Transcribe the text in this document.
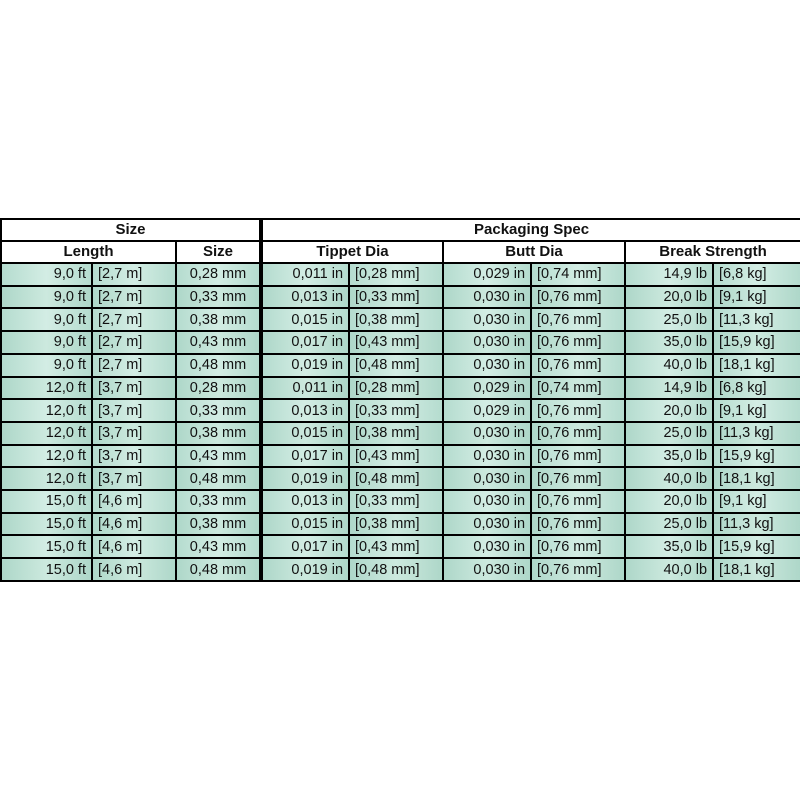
Size			Packaging Spec					
Length		Size	Tippet Dia		Butt Dia		Break Strength	
9,0 ft	[2,7 m]	0,28 mm	0,011 in	[0,28 mm]	0,029 in	[0,74 mm]	14,9 lb	[6,8 kg]
9,0 ft	[2,7 m]	0,33 mm	0,013 in	[0,33 mm]	0,030 in	[0,76 mm]	20,0 lb	[9,1 kg]
9,0 ft	[2,7 m]	0,38 mm	0,015 in	[0,38 mm]	0,030 in	[0,76 mm]	25,0 lb	[11,3 kg]
9,0 ft	[2,7 m]	0,43 mm	0,017 in	[0,43 mm]	0,030 in	[0,76 mm]	35,0 lb	[15,9 kg]
9,0 ft	[2,7 m]	0,48 mm	0,019 in	[0,48 mm]	0,030 in	[0,76 mm]	40,0 lb	[18,1 kg]
12,0 ft	[3,7 m]	0,28 mm	0,011 in	[0,28 mm]	0,029 in	[0,74 mm]	14,9 lb	[6,8 kg]
12,0 ft	[3,7 m]	0,33 mm	0,013 in	[0,33 mm]	0,029 in	[0,76 mm]	20,0 lb	[9,1 kg]
12,0 ft	[3,7 m]	0,38 mm	0,015 in	[0,38 mm]	0,030 in	[0,76 mm]	25,0 lb	[11,3 kg]
12,0 ft	[3,7 m]	0,43 mm	0,017 in	[0,43 mm]	0,030 in	[0,76 mm]	35,0 lb	[15,9 kg]
12,0 ft	[3,7 m]	0,48 mm	0,019 in	[0,48 mm]	0,030 in	[0,76 mm]	40,0 lb	[18,1 kg]
15,0 ft	[4,6 m]	0,33 mm	0,013 in	[0,33 mm]	0,030 in	[0,76 mm]	20,0 lb	[9,1 kg]
15,0 ft	[4,6 m]	0,38 mm	0,015 in	[0,38 mm]	0,030 in	[0,76 mm]	25,0 lb	[11,3 kg]
15,0 ft	[4,6 m]	0,43 mm	0,017 in	[0,43 mm]	0,030 in	[0,76 mm]	35,0 lb	[15,9 kg]
15,0 ft	[4,6 m]	0,48 mm	0,019 in	[0,48 mm]	0,030 in	[0,76 mm]	40,0 lb	[18,1 kg]
